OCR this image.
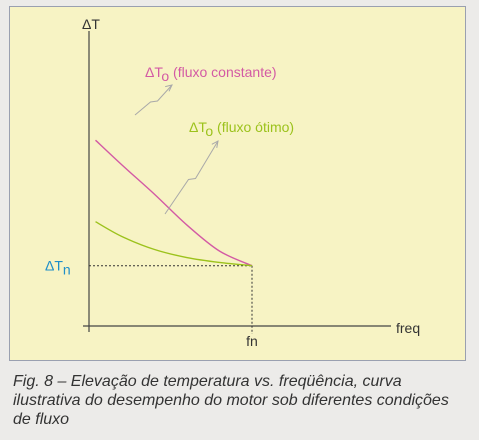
ΔT
freq
fn
ΔTn
ΔTo (fluxo constante)
ΔTo (fluxo ótimo)
Fig. 8 – Elevação de temperatura vs. freqüência, curva ilustrativa do desempenho do motor sob diferentes condições de fluxo
